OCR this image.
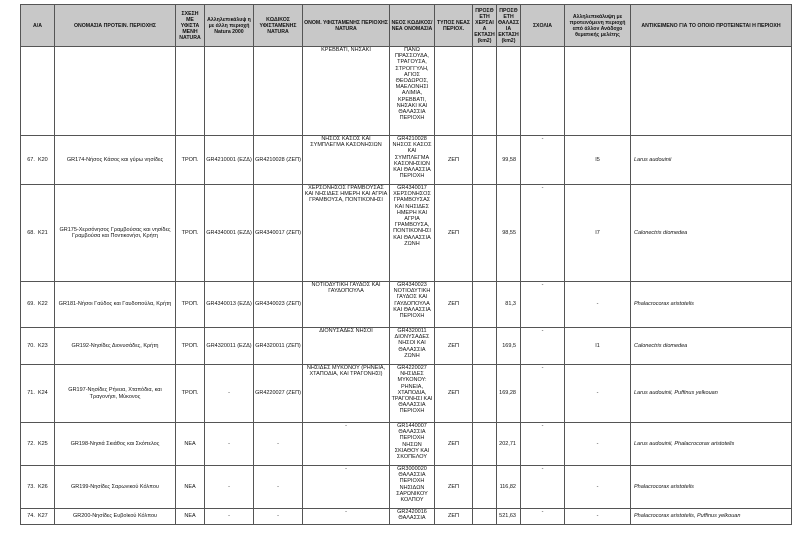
Α/Α	ΟΝΟΜΑΣΙΑ ΠΡΟΤΕΙΝ. ΠΕΡΙΟΧΗΣ	ΣΧΕΣΗ ΜΕ ΥΦΙΣΤΑ ΜΕΝΗ NATURA	Αλληλεπικάλυψ η με άλλη περιοχή Natura 2000	ΚΩΔΙΚΟΣ ΥΦΙΣΤΑΜΕΝΗΣ NATURA	ΟΝΟΜ. ΥΦΙΣΤΑΜΕΝΗΣ ΠΕΡΙΟΧΗΣ NATURA	ΝΕΟΣ ΚΩΔΙΚΟΣ/ ΝΕΑ ΟΝΟΜΑΣΙΑ	ΤΥΠΟΣ ΝΕΑΣ ΠΕΡΙΟΧ.	ΠΡΟΣΘ ΕΤΗ ΧΕΡΣΑΙ Α ΕΚΤΑΣΗ (km2)	ΠΡΟΣΘ ΕΤΗ ΘΑΛΑΣΣ ΙΑ ΕΚΤΑΣΗ (km2)	ΣΧΟΛΙΑ	Αλληλεπικάλυψη με προτεινόμενη περιοχή από άλλον Ανάδοχο θεματικής μελέτης	ΑΝΤΙΚΕΙΜΕΝΟ ΓΙΑ ΤΟ ΟΠΟΙΟ ΠΡΟΤΕΙΝΕΤΑΙ Η ΠΕΡΙΟΧΗ
					ΚΡΕΒΒΑΤΙ, ΝΗΣΑΚΙ	ΠΑΝΩ ΠΡΑΣΣΟΥΔΑ, ΤΡΑΓΟΥΣΑ, ΣΤΡΟΓΓΥΛΗ, ΑΓΙΟΣ ΘΕΟΔΩΡΟΣ, ΜΑΕΛΟΝΗΣΙ ΑΛΙΜΙΑ, ΚΡΕΒΒΑΤΙ, ΝΗΣΑΚΙ ΚΑΙ ΘΑΛΑΣΣΙΑ ΠΕΡΙΟΧΗ						
67. K20	GR174-Νήσος Κάσος και γύρω νησίδες	ΤΡΟΠ.	GR4210001 (ΕΖΔ)	GR4210028 (ΖΕΠ)	ΝΗΣΟΣ ΚΑΣΟΣ ΚΑΙ ΣΥΜΠΛΕΓΜΑ ΚΑΣΟΝΗΣΙΩΝ	GR4210028 ΝΗΣΟΣ ΚΑΣΟΣ ΚΑΙ ΣΥΜΠΛΕΓΜΑ ΚΑΣΟΝΗΣΙΩΝ ΚΑΙ ΘΑΛΑΣΣΙΑ ΠΕΡΙΟΧΗ	ΖΕΠ		99,58	-	I5	Larus audouinii
68. K21	GR175-Χερσόνησος Γραμβούσας και νησίδες Γραμβούσα και Ποντικονήσι, Κρήτη	ΤΡΟΠ.	GR4340001 (ΕΖΔ)	GR4340017 (ΖΕΠ)	ΧΕΡΣΟΝΗΣΟΣ ΓΡΑΜΒΟΥΣΑΣ ΚΑΙ ΝΗΣΙΔΕΣ ΗΜΕΡΗ ΚΑΙ ΑΓΡΙΑ ΓΡΑΜΒΟΥΣΑ, ΠΟΝΤΙΚΟΝΗΣΙ	GR4340017 ΧΕΡΣΟΝΗΣΟΣ ΓΡΑΜΒΟΥΣΑΣ ΚΑΙ ΝΗΣΙΔΕΣ ΗΜΕΡΗ ΚΑΙ ΑΓΡΙΑ ΓΡΑΜΒΟΥΣΑ, ΠΟΝΤΙΚΟΝΗΣΙ ΚΑΙ ΘΑΛΑΣΣΙΑ ΖΩΝΗ	ΖΕΠ		98,55	-	I7	Calonectris diomedea
69. K22	GR181-Νήσοι Γαύδος και Γαυδοπούλα, Κρήτη	ΤΡΟΠ.	GR4340013 (ΕΖΔ)	GR4340023 (ΖΕΠ)	ΝΟΤΙΟΔΥΤΙΚΗ ΓΑΥΔΟΣ ΚΑΙ ΓΑΥΔΟΠΟΥΛΑ	GR4340023 ΝΟΤΙΟΔΥΤΙΚΗ ΓΑΥΔΟΣ ΚΑΙ ΓΑΥΔΟΠΟΥΛΑ ΚΑΙ ΘΑΛΑΣΣΙΑ ΠΕΡΙΟΧΗ	ΖΕΠ		81,3	-	-	Phalacrocorax aristotelis
70. K23	GR192-Νησίδες Διονυσάδες, Κρήτη	ΤΡΟΠ.	GR4320011 (ΕΖΔ)	GR4320011 (ΖΕΠ)	ΔΙΟΝΥΣΑΔΕΣ ΝΗΣΟΙ	GR4320011 ΔΙΟΝΥΣΑΔΕΣ ΝΗΣΟΙ ΚΑΙ ΘΑΛΑΣΣΙΑ ΖΩΝΗ	ΖΕΠ		169,5	-	I1	Calonectris diomedea
71. K24	GR197-Νησίδες Ρήνεια, Χταπόδια, και Τραγονήσι, Μύκονος	ΤΡΟΠ.	-	GR4220027 (ΖΕΠ)	ΝΗΣΙΔΕΣ ΜΥΚΟΝΟΥ (ΡΗΝΕΙΑ, ΧΤΑΠΟΔΙΑ, ΚΑΙ ΤΡΑΓΟΝΗΣΙ)	GR4220027 ΝΗΣΙΔΕΣ ΜΥΚΟΝΟΥ: ΡΗΝΕΙΑ, ΧΤΑΠΟΔΙΑ, ΤΡΑΓΟΝΗΣΙ ΚΑΙ ΘΑΛΑΣΣΙΑ ΠΕΡΙΟΧΗ	ΖΕΠ		169,28	-	-	Larus audouinii, Puffinus yelkouan
72. K25	GR198-Νησιά Σκιάθος και Σκόπελος	ΝΕΑ	-	-	-	GR1440007 ΘΑΛΑΣΣΙΑ ΠΕΡΙΟΧΗ ΝΗΣΩΝ ΣΚΙΑΘΟΥ ΚΑΙ ΣΚΟΠΕΛΟΥ	ΖΕΠ		202,71	-	-	Larus audouinii, Phalacrocorax aristotelis
73. K26	GR199-Νησίδες Σαρωνικού Κόλπου	ΝΕΑ	-	-	-	GR3000020 ΘΑΛΑΣΣΙΑ ΠΕΡΙΟΧΗ ΝΗΣΙΔΩΝ ΣΑΡΩΝΙΚΟΥ ΚΟΛΠΟΥ	ΖΕΠ		116,82	-	-	Phalacrocorax aristotelis
74. K27	GR200-Νησίδες Ευβοϊκού Κόλπου	ΝΕΑ	-	-	-	GR2420016 ΘΑΛΑΣΣΙΑ	ΖΕΠ		521,63	-	-	Phalacrocorax aristotelis, Puffinus yelkouan
